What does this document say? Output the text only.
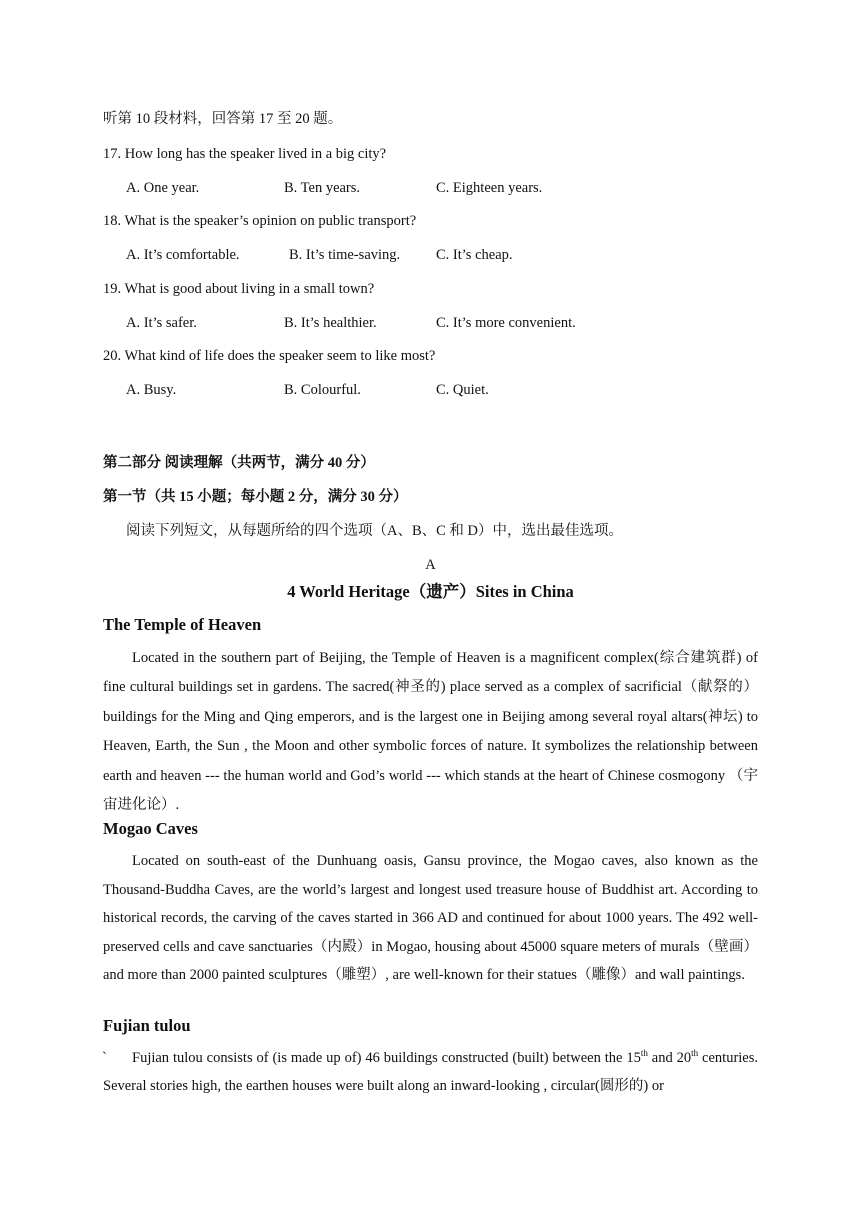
听第 10 段材料，回答第 17 至 20 题。
17. How long has the speaker lived in a big city?
A. One year.	B. Ten years.	C. Eighteen years.
18. What is the speaker’s opinion on public transport?
A. It’s comfortable.	B. It’s time-saving. C. It’s cheap.
19. What is good about living in a small town?
A. It’s safer.	B. It’s healthier.	C. It’s more convenient.
20. What kind of life does the speaker seem to like most?
A. Busy.	B. Colourful.	C. Quiet.
第二部分 阅读理解（共两节，满分 40 分）
第一节（共 15 小题；每小题 2 分，满分 30 分）
阅读下列短文，从每题所给的四个选项（A、B、C 和 D）中，选出最佳选项。
A
4 World Heritage（遗产）Sites in China
The Temple of Heaven

Located in the southern part of Beijing, the Temple of Heaven is a magnificent complex(综合建筑群) of fine cultural buildings set in gardens. The sacred(神圣的) place served as a complex of sacrificial（献祭的） buildings for the Ming and Qing emperors, and is the largest one in Beijing among several royal altars(神坛) to Heaven, Earth, the Sun , the Moon and other symbolic forces of nature. It symbolizes the relationship between earth and heaven --- the human world and God’s world --- which stands at the heart of Chinese cosmogony （宇宙进化论）.

Mogao Caves

Located on south-east of the Dunhuang oasis, Gansu province, the Mogao caves, also known as the Thousand-Buddha Caves, are the world’s largest and longest used treasure house of Buddhist art. According to historical records, the carving of the caves started in 366 AD and continued for about 1000 years. The 492 well-preserved cells and cave sanctuaries（内殿）in Mogao, housing about 45000 square meters of murals（壁画）and more than 2000 painted sculptures（雕塑）, are well-known for their statues（雕像）and wall paintings.

Fujian tulou
`	Fujian tulou consists of (is made up of) 46 buildings constructed (built) between the 15th and 20th centuries. Several stories high, the earthen houses were built along an inward-looking , circular(圆形的) or
